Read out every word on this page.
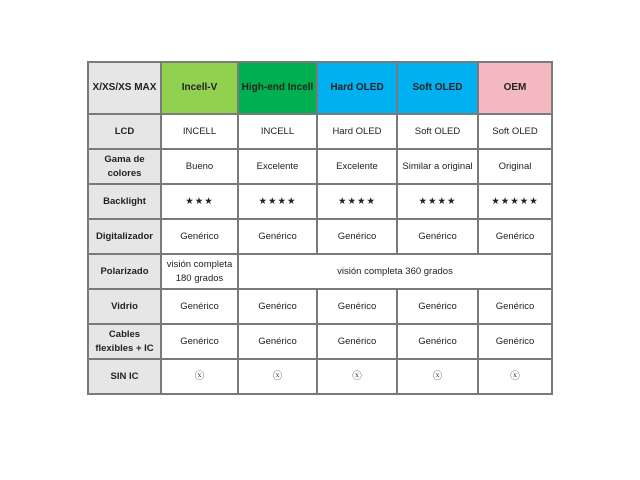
X/XS/XS MAX	Incell-V	High-end Incell	Hard OLED	Soft OLED	OEM
LCD	INCELL	INCELL	Hard OLED	Soft OLED	Soft OLED
Gama de colores	Bueno	Excelente	Excelente	Similar a original	Original
Backlight	★★★	★★★★	★★★★	★★★★	★★★★★
Digitalizador	Genérico	Genérico	Genérico	Genérico	Genérico
Polarizado	visión completa 180 grados	visión completa 360 grados			
Vidrio	Genérico	Genérico	Genérico	Genérico	Genérico
Cables flexibles + IC	Genérico	Genérico	Genérico	Genérico	Genérico
SIN IC	ⓧ	ⓧ	ⓧ	ⓧ	ⓧ
